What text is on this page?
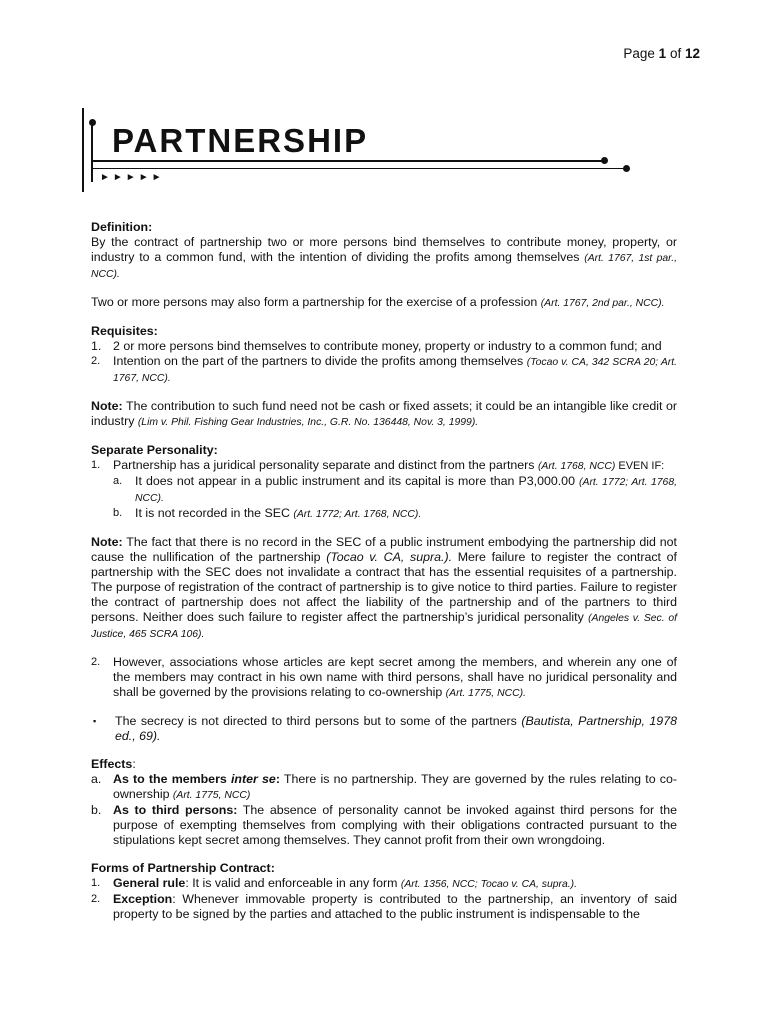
Page 1 of 12
PARTNERSHIP
►►►►►

Definition:

By the contract of partnership two or more persons bind themselves to contribute money, property, or industry to a common fund, with the intention of dividing the profits among themselves (Art. 1767, 1st par., NCC).

Two or more persons may also form a partnership for the exercise of a profession (Art. 1767, 2nd par., NCC).

Requisites:

1. 2 or more persons bind themselves to contribute money, property or industry to a common fund; and
2.	Intention on the part of the partners to divide the profits among themselves (Tocao v. CA, 342 SCRA 20; Art. 1767, NCC).

Note: The contribution to such fund need not be cash or fixed assets; it could be an intangible like credit or industry (Lim v. Phil. Fishing Gear Industries, Inc., G.R. No. 136448, Nov. 3, 1999).

Separate Personality:

1.	Partnership has a juridical personality separate and distinct from the partners (Art. 1768, NCC) EVEN IF:
a.	It does not appear in a public instrument and its capital is more than P3,000.00 (Art. 1772; Art. 1768, NCC).
b.	It is not recorded in the SEC (Art. 1772; Art. 1768, NCC).

Note: The fact that there is no record in the SEC of a public instrument embodying the partnership did not cause the nullification of the partnership (Tocao v. CA, supra.). Mere failure to register the contract of partnership with the SEC does not invalidate a contract that has the essential requisites of a partnership. The purpose of registration of the contract of partnership is to give notice to third parties. Failure to register the contract of partnership does not affect the liability of the partnership and of the partners to third persons. Neither does such failure to register affect the partnership’s juridical personality (Angeles v. Sec. of Justice, 465 SCRA 106).

2.	However, associations whose articles are kept secret among the members, and wherein any one of the members may contract in his own name with third persons, shall have no juridical personality and shall be governed by the provisions relating to co-ownership (Art. 1775, NCC).
▪	The secrecy is not directed to third persons but to some of the partners (Bautista, Partnership, 1978 ed., 69).

Effects:

a. As to the members inter se: There is no partnership. They are governed by the rules relating to co-ownership (Art. 1775, NCC)
b. As to third persons: The absence of personality cannot be invoked against third persons for the purpose of exempting themselves from complying with their obligations contracted pursuant to the stipulations kept secret among themselves. They cannot profit from their own wrongdoing.

Forms of Partnership Contract:

1.	General rule: It is valid and enforceable in any form (Art. 1356, NCC; Tocao v. CA, supra.).
2.	Exception: Whenever immovable property is contributed to the partnership, an inventory of said property to be signed by the parties and attached to the public instrument is indispensable to the
